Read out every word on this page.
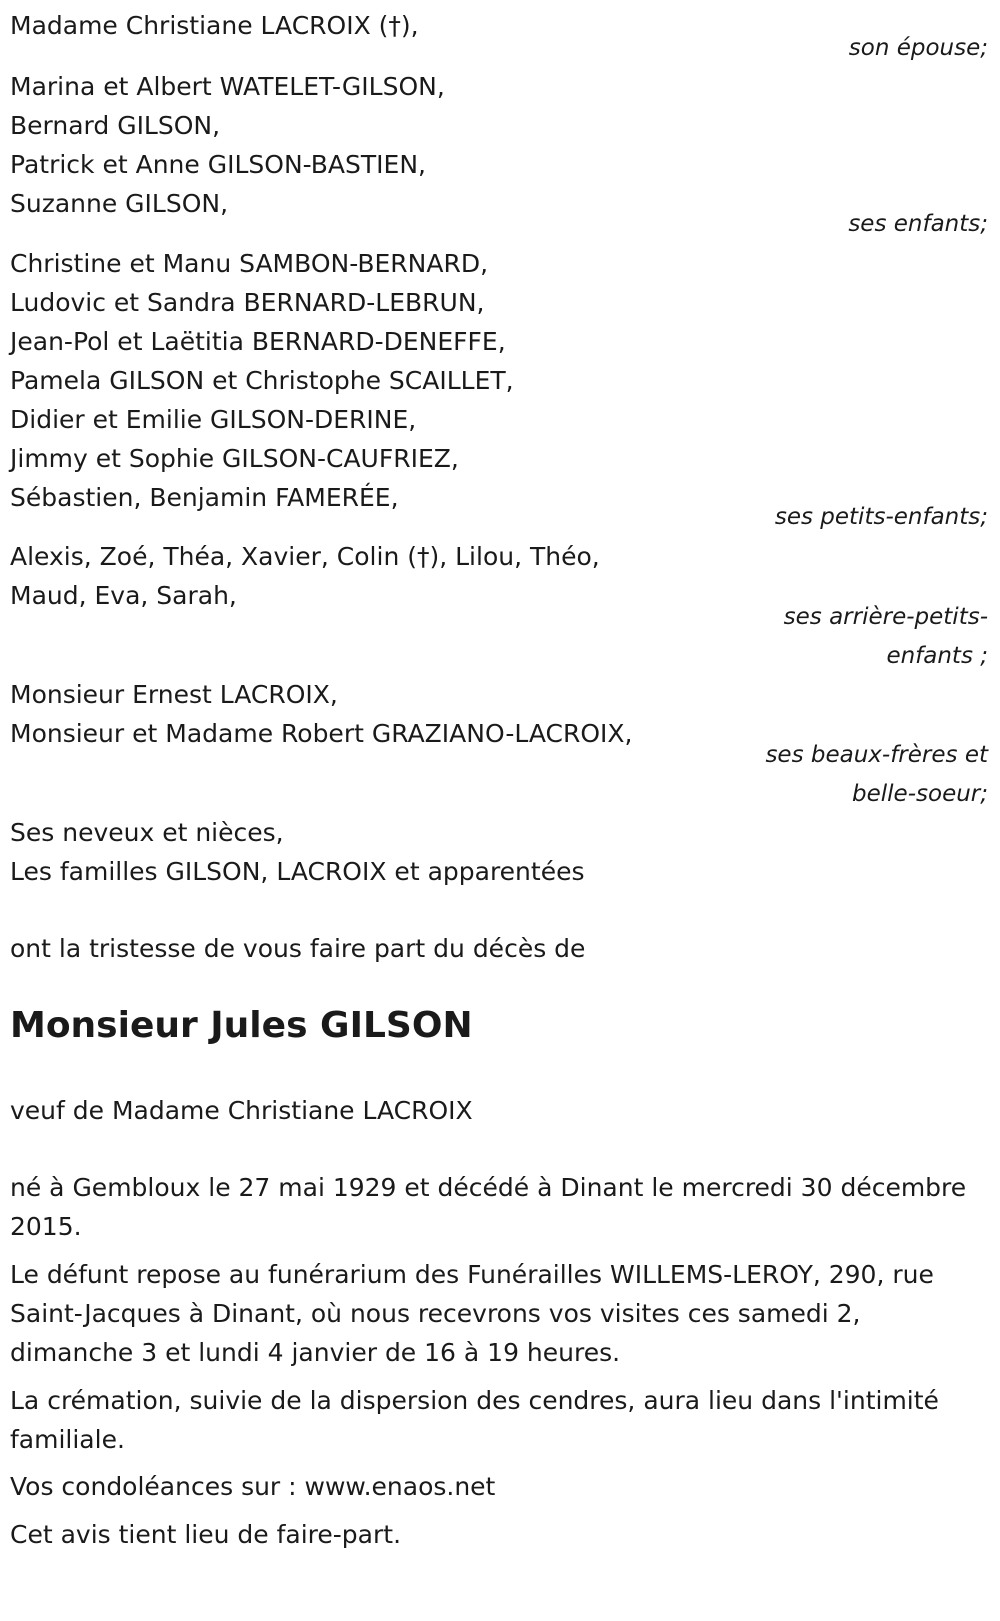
Madame Christiane LACROIX (†),
son épouse;
Marina et Albert WATELET-GILSON,
Bernard GILSON,
Patrick et Anne GILSON-BASTIEN,
Suzanne GILSON,
ses enfants;
Christine et Manu SAMBON-BERNARD,
Ludovic et Sandra BERNARD-LEBRUN,
Jean-Pol et Laëtitia BERNARD-DENEFFE,
Pamela GILSON et Christophe SCAILLET,
Didier et Emilie GILSON-DERINE,
Jimmy et Sophie GILSON-CAUFRIEZ,
Sébastien, Benjamin FAMERÉE,
ses petits-enfants;
Alexis, Zoé, Théa, Xavier, Colin (†), Lilou, Théo,
Maud, Eva, Sarah,
ses arrière-petits-
enfants ;
Monsieur Ernest LACROIX,
Monsieur et Madame Robert GRAZIANO-LACROIX,
ses beaux-frères et
belle-soeur;
Ses neveux et nièces,
Les familles GILSON, LACROIX et apparentées

ont la tristesse de vous faire part du décès de

Monsieur Jules GILSON

veuf de Madame Christiane LACROIX

né à Gembloux le 27 mai 1929 et décédé à Dinant le mercredi 30 décembre 2015.

Le défunt repose au funérarium des Funérailles WILLEMS-LEROY, 290, rue Saint-Jacques à Dinant, où nous recevrons vos visites ces samedi 2, dimanche 3 et lundi 4 janvier de 16 à 19 heures.

La crémation, suivie de la dispersion des cendres, aura lieu dans l'intimité familiale.

Vos condoléances sur : www.enaos.net

Cet avis tient lieu de faire-part.
